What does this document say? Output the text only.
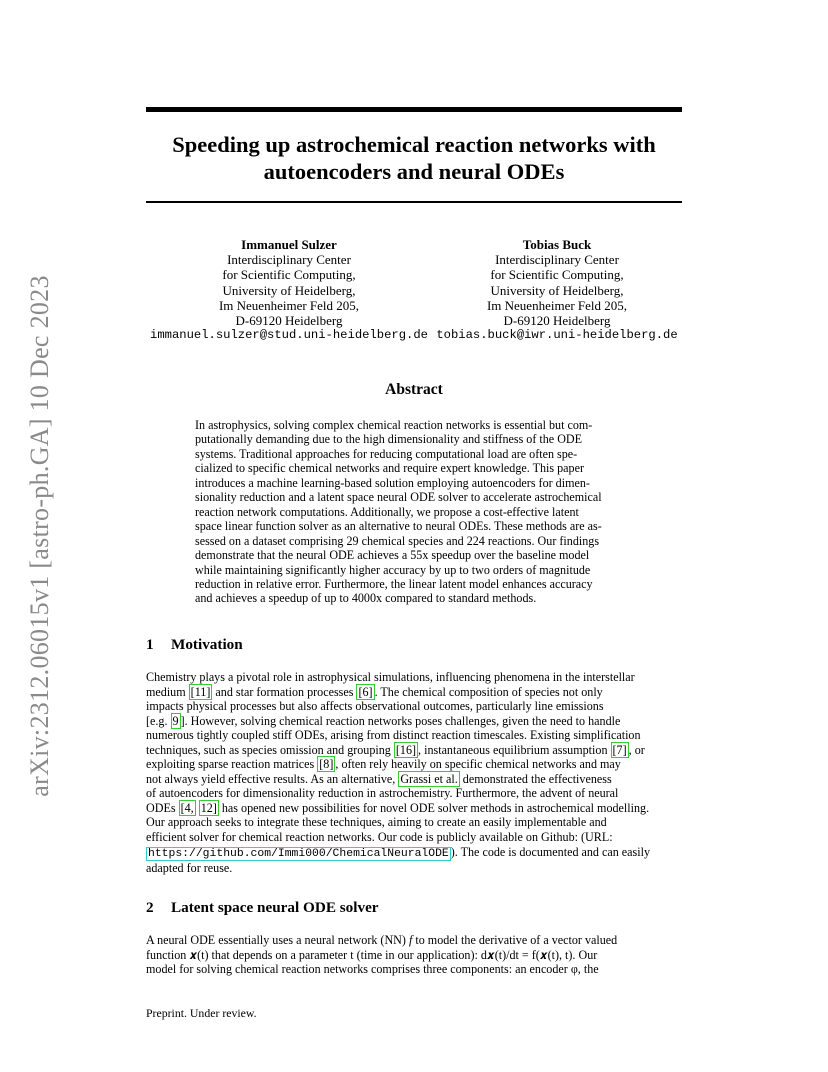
arXiv:2312.06015v1 [astro-ph.GA] 10 Dec 2023
Speeding up astrochemical reaction networks with
autoencoders and neural ODEs
Immanuel Sulzer
Interdisciplinary Center
for Scientific Computing,
University of Heidelberg,
Im Neuenheimer Feld 205,
D-69120 Heidelberg
immanuel.sulzer@stud.uni-heidelberg.de
Tobias Buck
Interdisciplinary Center
for Scientific Computing,
University of Heidelberg,
Im Neuenheimer Feld 205,
D-69120 Heidelberg
tobias.buck@iwr.uni-heidelberg.de
Abstract
In astrophysics, solving complex chemical reaction networks is essential but com-
putationally demanding due to the high dimensionality and stiffness of the ODE
systems. Traditional approaches for reducing computational load are often spe-
cialized to specific chemical networks and require expert knowledge. This paper
introduces a machine learning-based solution employing autoencoders for dimen-
sionality reduction and a latent space neural ODE solver to accelerate astrochemical
reaction network computations. Additionally, we propose a cost-effective latent
space linear function solver as an alternative to neural ODEs. These methods are as-
sessed on a dataset comprising 29 chemical species and 224 reactions. Our findings
demonstrate that the neural ODE achieves a 55x speedup over the baseline model
while maintaining significantly higher accuracy by up to two orders of magnitude
reduction in relative error. Furthermore, the linear latent model enhances accuracy
and achieves a speedup of up to 4000x compared to standard methods.
1 Motivation
Chemistry plays a pivotal role in astrophysical simulations, influencing phenomena in the interstellar
medium [11] and star formation processes [6] . The chemical composition of species not only
impacts physical processes but also affects observational outcomes, particularly line emissions
[e.g. 9 ]. However, solving chemical reaction networks poses challenges, given the need to handle
numerous tightly coupled stiff ODEs, arising from distinct reaction timescales. Existing simplification
techniques, such as species omission and grouping [16] , instantaneous equilibrium assumption [7] , or
exploiting sparse reaction matrices [8] , often rely heavily on specific chemical networks and may
not always yield effective results. As an alternative, Grassi et al. demonstrated the effectiveness
of autoencoders for dimensionality reduction in astrochemistry. Furthermore, the advent of neural
ODEs [4, 12] has opened new possibilities for novel ODE solver methods in astrochemical modelling.
Our approach seeks to integrate these techniques, aiming to create an easily implementable and
efficient solver for chemical reaction networks. Our code is publicly available on Github: (URL:
https://github.com/Immi000/ChemicalNeuralODE ). The code is documented and can easily
adapted for reuse.
2 Latent space neural ODE solver
A neural ODE essentially uses a neural network (NN) f to model the derivative of a vector valued
function 𝒙(t) that depends on a parameter t (time in our application): d𝒙(t)/dt = f(𝒙(t), t). Our
model for solving chemical reaction networks comprises three components: an encoder φ, the
Preprint. Under review.
